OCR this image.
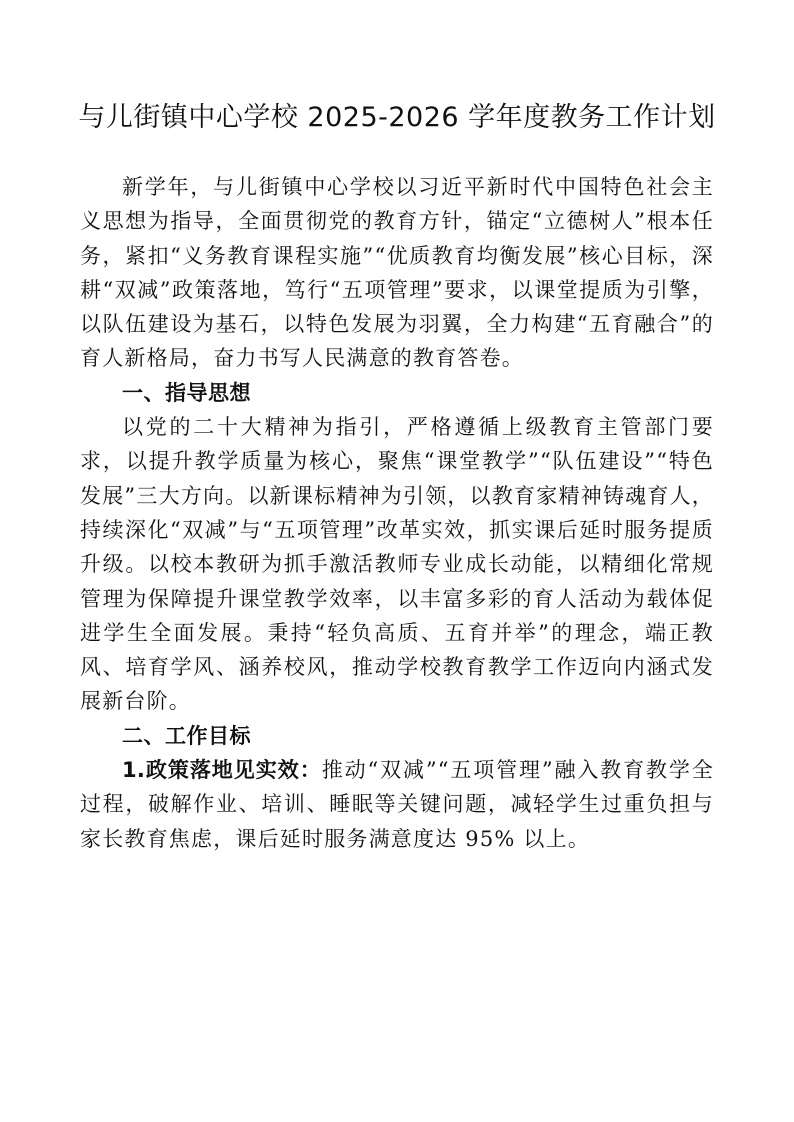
与儿街镇中心学校 2025-2026 学年度教务工作计划

新学年，与儿街镇中心学校以习近平新时代中国特色社会主义思想为指导，全面贯彻党的教育方针，锚定“立德树人”根本任务，紧扣“义务教育课程实施”“优质教育均衡发展”核心目标，深耕“双减”政策落地，笃行“五项管理”要求，以课堂提质为引擎，以队伍建设为基石，以特色发展为羽翼，全力构建“五育融合”的育人新格局，奋力书写人民满意的教育答卷。

一、指导思想

以党的二十大精神为指引，严格遵循上级教育主管部门要求，以提升教学质量为核心，聚焦“课堂教学”“队伍建设”“特色发展”三大方向。以新课标精神为引领，以教育家精神铸魂育人，持续深化“双减”与“五项管理”改革实效，抓实课后延时服务提质升级。以校本教研为抓手激活教师专业成长动能，以精细化常规管理为保障提升课堂教学效率，以丰富多彩的育人活动为载体促进学生全面发展。秉持“轻负高质、五育并举”的理念，端正教风、培育学风、涵养校风，推动学校教育教学工作迈向内涵式发展新台阶。

二、工作目标

1.政策落地见实效：推动“双减”“五项管理”融入教育教学全过程，破解作业、培训、睡眠等关键问题，减轻学生过重负担与家长教育焦虑，课后延时服务满意度达 95% 以上。
